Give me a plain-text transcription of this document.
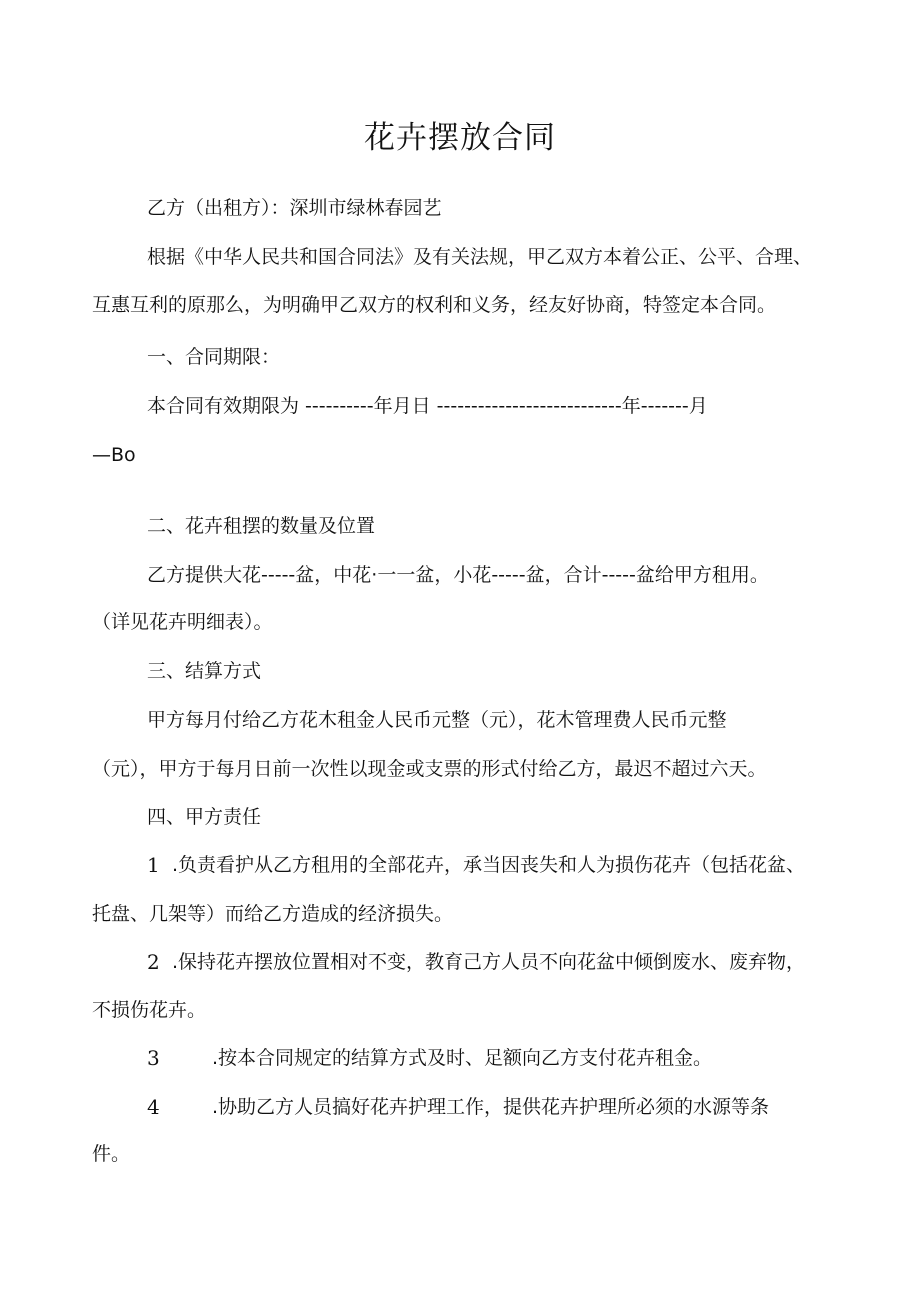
花卉摆放合同

乙方（出租方）：深圳市绿林春园艺

根据《中华人民共和国合同法》及有关法规，甲乙双方本着公正、公平、合理、

互惠互利的原那么，为明确甲乙双方的权利和义务，经友好协商，特签定本合同。

一、合同期限：

本合同有效期限为 ----------年月日 ---------------------------年-------月

—Bo

二、花卉租摆的数量及位置

乙方提供大花-----盆，中花·一一盆，小花-----盆，合计-----盆给甲方租用。

（详见花卉明细表）。

三、结算方式

甲方每月付给乙方花木租金人民币元整（元），花木管理费人民币元整

（元），甲方于每月日前一次性以现金或支票的形式付给乙方，最迟不超过六天。

四、甲方责任

1 .负责看护从乙方租用的全部花卉，承当因丧失和人为损伤花卉（包括花盆、

托盘、几架等）而给乙方造成的经济损失。

2 .保持花卉摆放位置相对不变，教育己方人员不向花盆中倾倒废水、废弃物，

不损伤花卉。

3	.按本合同规定的结算方式及时、足额向乙方支付花卉租金。

4	.协助乙方人员搞好花卉护理工作，提供花卉护理所必须的水源等条

件。
